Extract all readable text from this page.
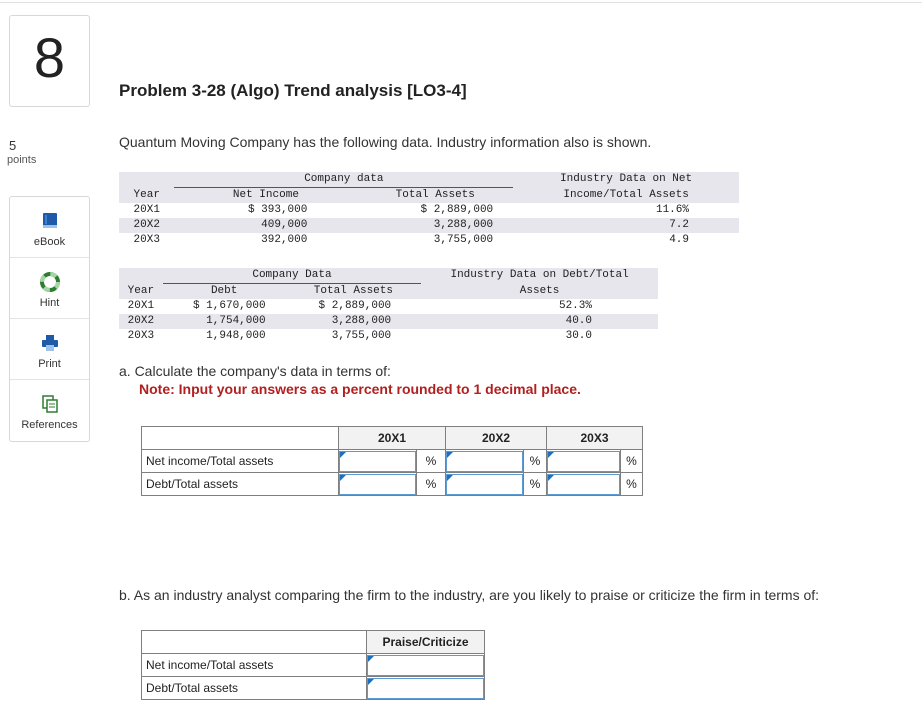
8
5
points
eBook
Hint
Print
References
Problem 3-28 (Algo) Trend analysis [LO3-4]
Quantum Moving Company has the following data. Industry information also is shown.
	Company data		Industry Data on Net
Year	Net Income	Total Assets	Income/Total Assets
20X1	$ 393,000	$ 2,889,000	11.6%
20X2	409,000	3,288,000	7.2
20X3	392,000	3,755,000	4.9
	Company Data		Industry Data on Debt/Total
Year	Debt	Total Assets	Assets
20X1	$ 1,670,000	$ 2,889,000	52.3%
20X2	1,754,000	3,288,000	40.0
20X3	1,948,000	3,755,000	30.0
a. Calculate the company's data in terms of:
Note: Input your answers as a percent rounded to 1 decimal place.
	20X1		20X2		20X3	
Net income/Total assets		%		%		%
Debt/Total assets		%		%		%
b. As an industry analyst comparing the firm to the industry, are you likely to praise or criticize the firm in terms of:
	Praise/Criticize
Net income/Total assets	

Debt/Total assets	
